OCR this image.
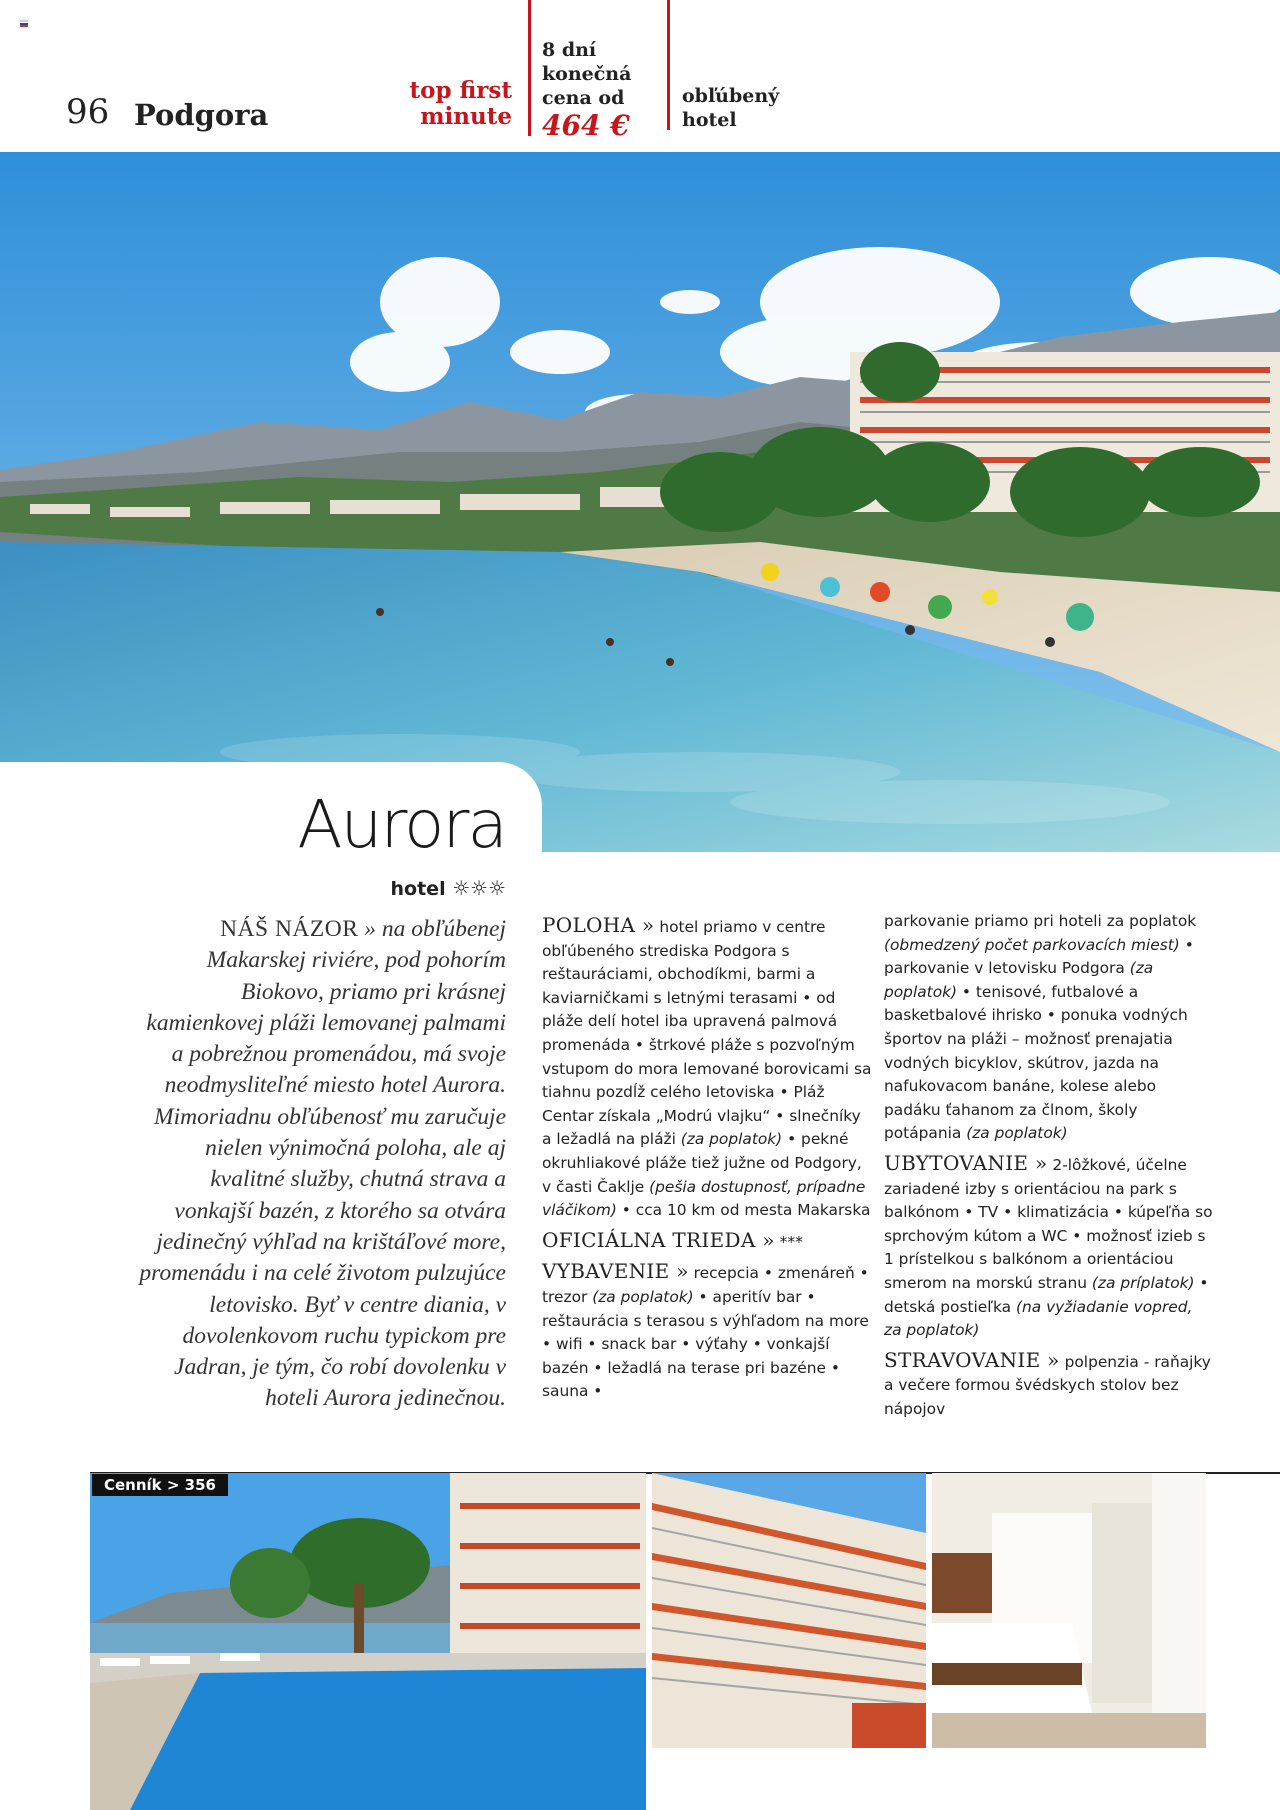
96 Podgora
top first
minute
8 dní
konečná
cena od
464 €
obľúbený
hotel
Aurora
hotel ☼☼☼
NÁŠ NÁZOR » na obľúbenej Makarskej riviére, pod pohorím Biokovo, priamo pri krásnej kamienkovej pláži lemovanej palmami a pobrežnou promenádou, má svoje neodmysliteľné miesto hotel Aurora. Mimoriadnu obľúbenosť mu zaručuje nielen výnimočná poloha, ale aj kvalitné služby, chutná strava a vonkajší bazén, z ktorého sa otvára jedinečný výhľad na krištáľové more, promenádu i na celé životom pulzujúce letovisko. Byť v centre diania, v dovolenkovom ruchu typickom pre Jadran, je tým, čo robí dovolenku v hoteli Aurora jedinečnou.

POLOHA » hotel priamo v centre obľúbeného strediska Podgora s reštauráciami, obchodíkmi, barmi a kaviarničkami s letnými terasami • od pláže delí hotel iba upravená palmová promenáda • štrkové pláže s pozvoľným vstupom do mora lemované borovicami sa tiahnu pozdĺž celého letoviska • Pláž Centar získala „Modrú vlajku“ • slnečníky a ležadlá na pláži (za poplatok) • pekné okruhliakové pláže tiež južne od Podgory, v časti Čaklje (pešia dostupnosť, prípadne vláčikom) • cca 10 km od mesta Makarska

OFICIÁLNA TRIEDA » ***

VYBAVENIE » recepcia • zmenáreň • trezor (za poplatok) • aperitív bar • reštaurácia s terasou s výhľadom na more • wifi • snack bar • výťahy • vonkajší bazén • ležadlá na terase pri bazéne • sauna •

parkovanie priamo pri hoteli za poplatok (obmedzený počet parkovacích miest) • parkovanie v letovisku Podgora (za poplatok) • tenisové, futbalové a basketbalové ihrisko • ponuka vodných športov na pláži – možnosť prenajatia vodných bicyklov, skútrov, jazda na nafukovacom banáne, kolese alebo padáku ťahanom za člnom, školy potápania (za poplatok)

UBYTOVANIE » 2-lôžkové, účelne zariadené izby s orientáciou na park s balkónom • TV • klimatizácia • kúpeľňa so sprchovým kútom a WC • možnosť izieb s 1 prístelkou s balkónom a orientáciou smerom na morskú stranu (za príplatok) • detská postieľka (na vyžiadanie vopred, za poplatok)

STRAVOVANIE » polpenzia - raňajky a večere formou švédskych stolov bez nápojov

Cenník > 356
